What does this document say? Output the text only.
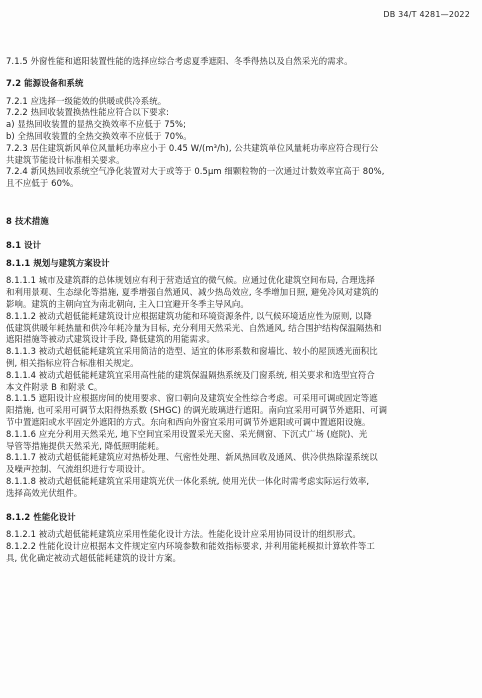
DB 34/T 4281—2022
7.1.5 外窗性能和遮阳装置性能的选择应综合考虑夏季遮阳、冬季得热以及自然采光的需求。
7.2 能源设备和系统
7.2.1 应选择一级能效的供暖或供冷系统。
7.2.2 热回收装置换热性能应符合以下要求:
a) 显热回收装置的显热交换效率不应低于 75%;
b) 全热回收装置的全热交换效率不应低于 70%。
7.2.3 居住建筑新风单位风量耗功率应小于 0.45 W/(m³/h), 公共建筑单位风量耗功率应符合现行公
共建筑节能设计标准相关要求。
7.2.4 新风热回收系统空气净化装置对大于或等于 0.5μm 细颗粒物的一次通过计数效率宜高于 80%,
且不应低于 60%。
8 技术措施
8.1 设计
8.1.1 规划与建筑方案设计
8.1.1.1 城市及建筑群的总体规划应有利于营造适宜的微气候。应通过优化建筑空间布局, 合理选择
和利用景观、生态绿化等措施, 夏季增强自然通风、减少热岛效应, 冬季增加日照, 避免冷风对建筑的
影响。建筑的主朝向宜为南北朝向, 主入口宜避开冬季主导风向。
8.1.1.2 被动式超低能耗建筑设计应根据建筑功能和环境资源条件, 以气候环境适应性为原则, 以降
低建筑供暖年耗热量和供冷年耗冷量为目标, 充分利用天然采光、自然通风, 结合围护结构保温隔热和
遮阳措施等被动式建筑设计手段, 降低建筑的用能需求。
8.1.1.3 被动式超低能耗建筑宜采用简洁的造型、适宜的体形系数和窗墙比、较小的屋顶透光面积比
例, 相关指标应符合标准相关规定。
8.1.1.4 被动式超低能耗建筑宜采用高性能的建筑保温隔热系统及门窗系统, 相关要求和选型宜符合
本文件附录 B 和附录 C。
8.1.1.5 遮阳设计应根据房间的使用要求、窗口朝向及建筑安全性综合考虑。可采用可调或固定等遮
阳措施, 也可采用可调节太阳得热系数 (SHGC) 的调光玻璃进行遮阳。南向宜采用可调节外遮阳、可调
节中置遮阳或水平固定外遮阳的方式。东向和西向外窗宜采用可调节外遮阳或可调中置遮阳设施。
8.1.1.6 应充分利用天然采光, 地下空间宜采用设置采光天窗、采光侧窗、下沉式广场 (庭院)、光
导管等措施提供天然采光, 降低照明能耗。
8.1.1.7 被动式超低能耗建筑应对热桥处理、气密性处理、新风热回收及通风、供冷供热除湿系统以
及噪声控制、气流组织进行专项设计。
8.1.1.8 被动式超低能耗建筑宜采用建筑光伏一体化系统, 使用光伏一体化时需考虑实际运行效率,
选择高效光伏组件。
8.1.2 性能化设计
8.1.2.1 被动式超低能耗建筑应采用性能化设计方法。性能化设计应采用协同设计的组织形式。
8.1.2.2 性能化设计应根据本文件规定室内环境参数和能效指标要求, 并利用能耗模拟计算软件等工
具, 优化确定被动式超低能耗建筑的设计方案。
